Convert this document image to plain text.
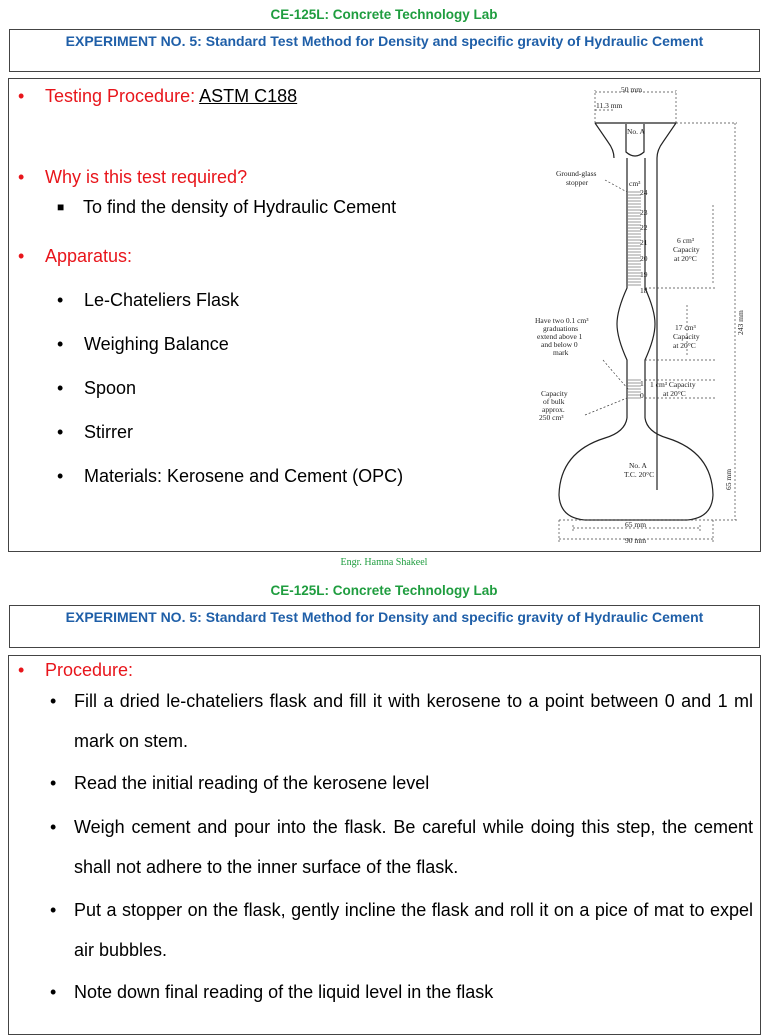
CE-125L: Concrete Technology Lab
EXPERIMENT NO. 5: Standard Test Method for Density and specific gravity of Hydraulic Cement
• Testing Procedure: ASTM C188
• Why is this test required?
■ To find the density of Hydraulic Cement
• Apparatus:
• Le-Chateliers Flask
• Weighing Balance
• Spoon
• Stirrer
• Materials: Kerosene and Cement (OPC)
50 mm
11.3 mm
No. A
Ground-glass
stopper	cm³
24
23
22
21
20
19
18
1
0
6 cm³
Capacity
at 20°C
17 cm³
Capacity
at 20°C
1 cm³ Capacity
at 20°C
Have two 0.1 cm³
graduations
extend above 1
and below 0
mark
Capacity
of bulk
approx.
250 cm³
No. A
T.C. 20°C
65 mm
90 mm
243 mm
65 mm
Engr. Hamna Shakeel
CE-125L: Concrete Technology Lab
EXPERIMENT NO. 5: Standard Test Method for Density and specific gravity of Hydraulic Cement
• Procedure:
• Fill a dried le-chateliers flask and fill it with kerosene to a point between 0 and 1 ml mark on stem.
• Read the initial reading of the kerosene level
• Weigh cement and pour into the flask. Be careful while doing this step, the cement shall not adhere to the inner surface of the flask.
• Put a stopper on the flask, gently incline the flask and roll it on a pice of mat to expel air bubbles.
• Note down final reading of the liquid level in the flask
